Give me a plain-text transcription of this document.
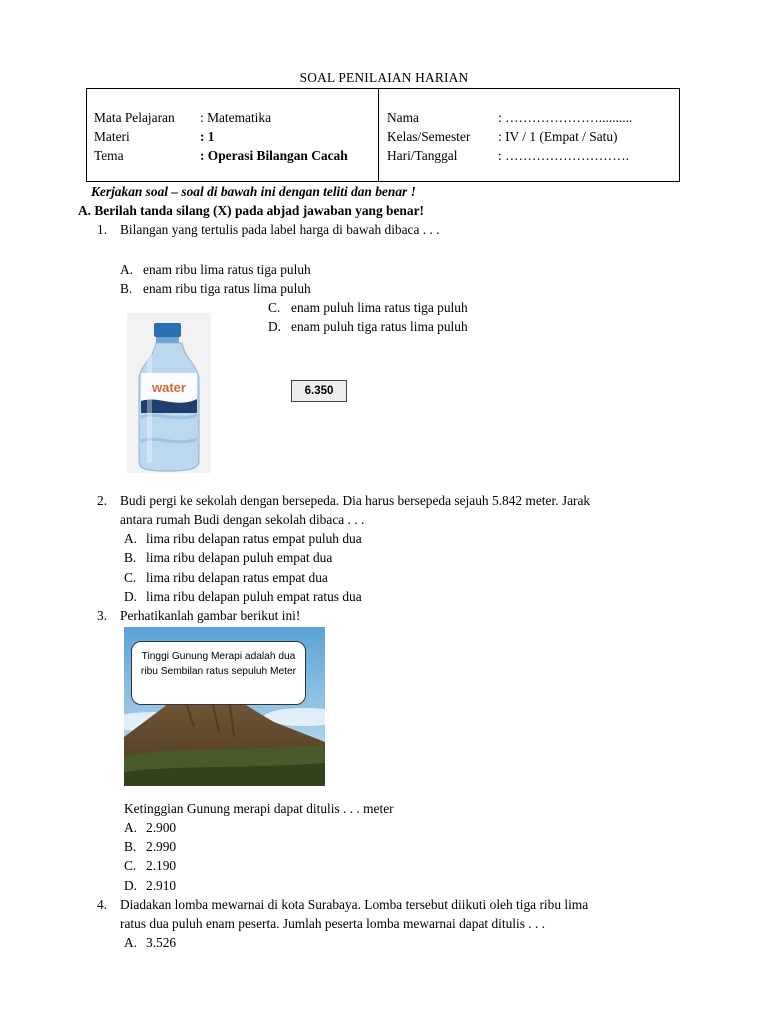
SOAL PENILAIAN HARIAN
Mata Pelajaran : Matematika
Materi	: 1
Tema	: Operasi Bilangan Cacah
Nama	: …………………..........
Kelas/Semester : IV / 1 (Empat / Satu)
Hari/Tanggal	: ……………………….
Kerjakan soal – soal di bawah ini dengan teliti dan benar !
A. Berilah tanda silang (X) pada abjad jawaban yang benar!
1. Bilangan yang tertulis pada label harga di bawah dibaca . . .
A. enam ribu lima ratus tiga puluh
B. enam ribu tiga ratus lima puluh
C. enam puluh lima ratus tiga puluh
D. enam puluh tiga ratus lima puluh
water	6.350
2. Budi pergi ke sekolah dengan bersepeda. Dia harus bersepeda sejauh 5.842 meter. Jarak
antara rumah Budi dengan sekolah dibaca . . .
A. lima ribu delapan ratus empat puluh dua
B. lima ribu delapan puluh empat dua
C. lima ribu delapan ratus empat dua
D. lima ribu delapan puluh empat ratus dua
3. Perhatikanlah gambar berikut ini!
Tinggi Gunung Merapi adalah dua ribu Sembilan ratus sepuluh Meter
Ketinggian Gunung merapi dapat ditulis . . . meter
A. 2.900
B. 2.990
C. 2.190
D. 2.910
4. Diadakan lomba mewarnai di kota Surabaya. Lomba tersebut diikuti oleh tiga ribu lima
ratus dua puluh enam peserta. Jumlah peserta lomba mewarnai dapat ditulis . . .
A. 3.526
